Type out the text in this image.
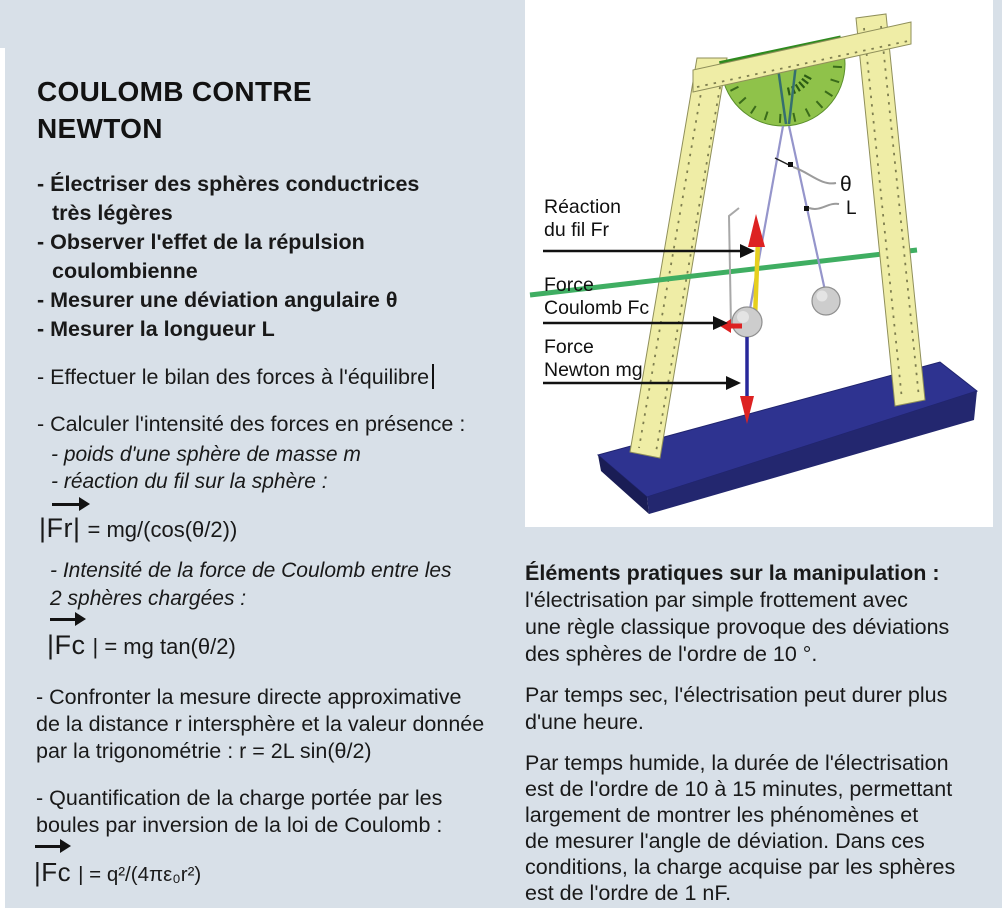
COULOMB CONTRE
NEWTON
- Électriser des sphères conductrices
très légères
- Observer l'effet de la répulsion
coulombienne
- Mesurer une déviation angulaire θ
- Mesurer la longueur L
- Effectuer le bilan des forces à l'équilibre
- Calculer l'intensité des forces en présence :
- poids d'une sphère de masse m
- réaction du fil sur la sphère :
|Fr| = mg/(cos(θ/2))
- Intensité de la force de Coulomb entre les
2 sphères chargées :
|Fc | = mg tan(θ/2)
- Confronter la mesure directe approximative
de la distance r intersphère et la valeur donnée
par la trigonométrie : r = 2L sin(θ/2)
- Quantification de la charge portée par les
boules par inversion de la loi de Coulomb :
|Fc | = q²/(4πε₀r²)
θ
L
Réaction
du fil Fr
Force
Coulomb Fc
Force
Newton mg
Éléments pratiques sur la manipulation :
l'électrisation par simple frottement avec
une règle classique provoque des déviations
des sphères de l'ordre de 10 °.
Par temps sec, l'électrisation peut durer plus
d'une heure.
Par temps humide, la durée de l'électrisation
est de l'ordre de 10 à 15 minutes, permettant
largement de montrer les phénomènes et
de mesurer l'angle de déviation. Dans ces
conditions, la charge acquise par les sphères
est de l'ordre de 1 nF.
